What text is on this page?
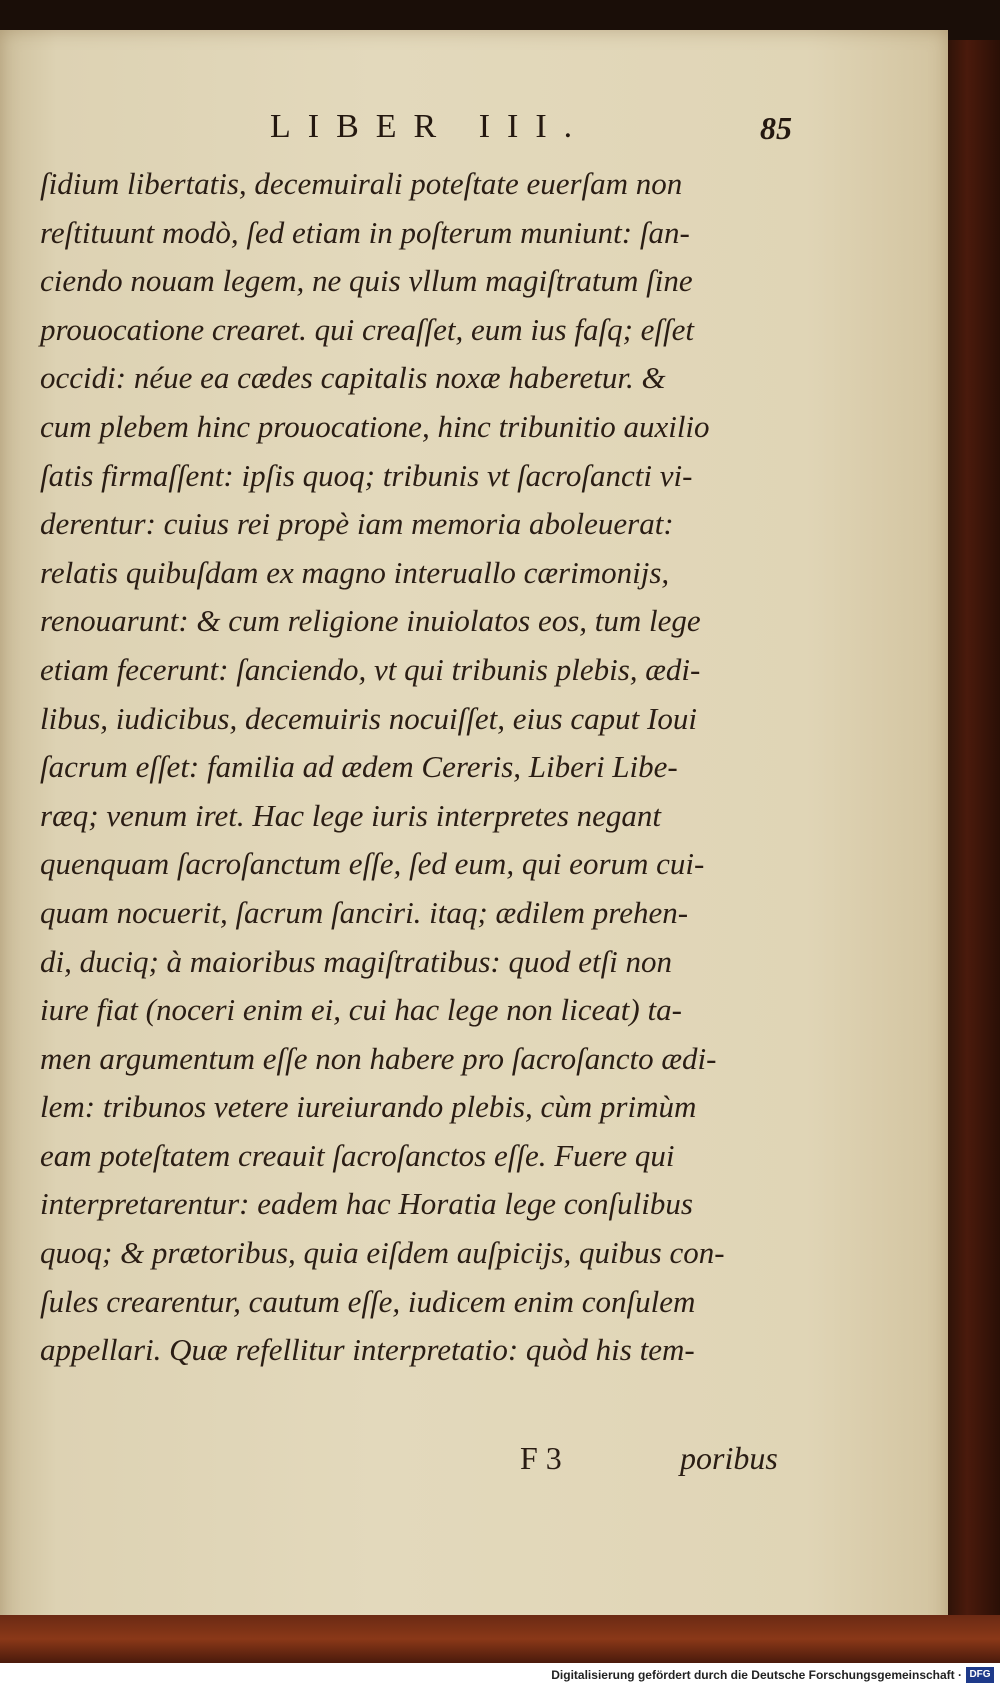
LIBER III.	85
ſidium libertatis, decemuirali poteſtate euerſam non
reſtituunt modò, ſed etiam in poſterum muniunt: ſan-
ciendo nouam legem, ne quis vllum magiſtratum ſine
prouocatione crearet. qui creaſſet, eum ius faſq; eſſet
occidi: néue ea cædes capitalis noxæ haberetur. &
cum plebem hinc prouocatione, hinc tribunitio auxilio
ſatis firmaſſent: ipſis quoq; tribunis vt ſacroſancti vi-
derentur: cuius rei propè iam memoria aboleuerat:
relatis quibuſdam ex magno interuallo cærimonijs,
renouarunt: & cum religione inuiolatos eos, tum lege
etiam fecerunt: ſanciendo, vt qui tribunis plebis, ædi-
libus, iudicibus, decemuiris nocuiſſet, eius caput Ioui
ſacrum eſſet: familia ad ædem Cereris, Liberi Libe-
ræq; venum iret. Hac lege iuris interpretes negant
quenquam ſacroſanctum eſſe, ſed eum, qui eorum cui-
quam nocuerit, ſacrum ſanciri. itaq; ædilem prehen-
di, duciq; à maioribus magiſtratibus: quod etſi non
iure fiat (noceri enim ei, cui hac lege non liceat) ta-
men argumentum eſſe non habere pro ſacroſancto ædi-
lem: tribunos vetere iureiurando plebis, cùm primùm
eam poteſtatem creauit ſacroſanctos eſſe. Fuere qui
interpretarentur: eadem hac Horatia lege conſulibus
quoq; & prætoribus, quia eiſdem auſpicijs, quibus con-
ſules crearentur, cautum eſſe, iudicem enim conſulem
appellari. Quæ refellitur interpretatio: quòd his tem-
F 3	poribus
Digitalisierung gefördert durch die Deutsche Forschungsgemeinschaft · DFG
